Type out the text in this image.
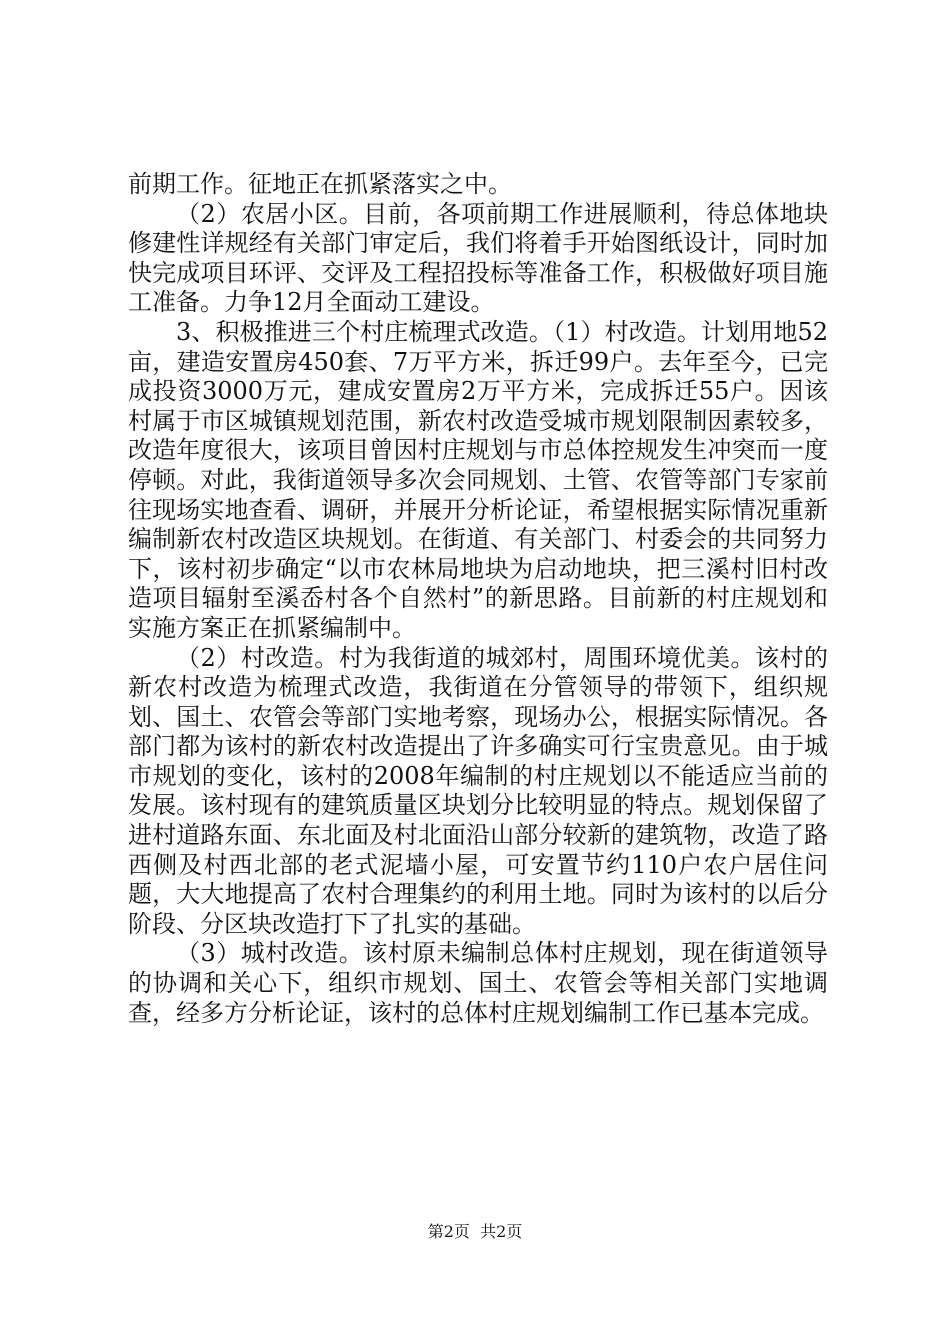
前期工作。征地正在抓紧落实之中。

（2）农居小区。目前，各项前期工作进展顺利，待总体地块修建性详规经有关部门审定后，我们将着手开始图纸设计，同时加快完成项目环评、交评及工程招投标等准备工作，积极做好项目施工准备。力争12月全面动工建设。

3、积极推进三个村庄梳理式改造。（1）村改造。计划用地52亩，建造安置房450套、7万平方米，拆迁99户。去年至今，已完成投资3000万元，建成安置房2万平方米，完成拆迁55户。因该村属于市区城镇规划范围，新农村改造受城市规划限制因素较多，改造年度很大，该项目曾因村庄规划与市总体控规发生冲突而一度停顿。对此，我街道领导多次会同规划、土管、农管等部门专家前往现场实地查看、调研，并展开分析论证，希望根据实际情况重新编制新农村改造区块规划。在街道、有关部门、村委会的共同努力下，该村初步确定“以市农林局地块为启动地块，把三溪村旧村改造项目辐射至溪岙村各个自然村”的新思路。目前新的村庄规划和实施方案正在抓紧编制中。

（2）村改造。村为我街道的城郊村，周围环境优美。该村的新农村改造为梳理式改造，我街道在分管领导的带领下，组织规划、国土、农管会等部门实地考察，现场办公，根据实际情况。各部门都为该村的新农村改造提出了许多确实可行宝贵意见。由于城市规划的变化，该村的2008年编制的村庄规划以不能适应当前的发展。该村现有的建筑质量区块划分比较明显的特点。规划保留了进村道路东面、东北面及村北面沿山部分较新的建筑物，改造了路西侧及村西北部的老式泥墙小屋，可安置节约110户农户居住问题，大大地提高了农村合理集约的利用土地。同时为该村的以后分阶段、分区块改造打下了扎实的基础。

（3）城村改造。该村原未编制总体村庄规划，现在街道领导的协调和关心下，组织市规划、国土、农管会等相关部门实地调查，经多方分析论证，该村的总体村庄规划编制工作已基本完成。

第2页  共2页
